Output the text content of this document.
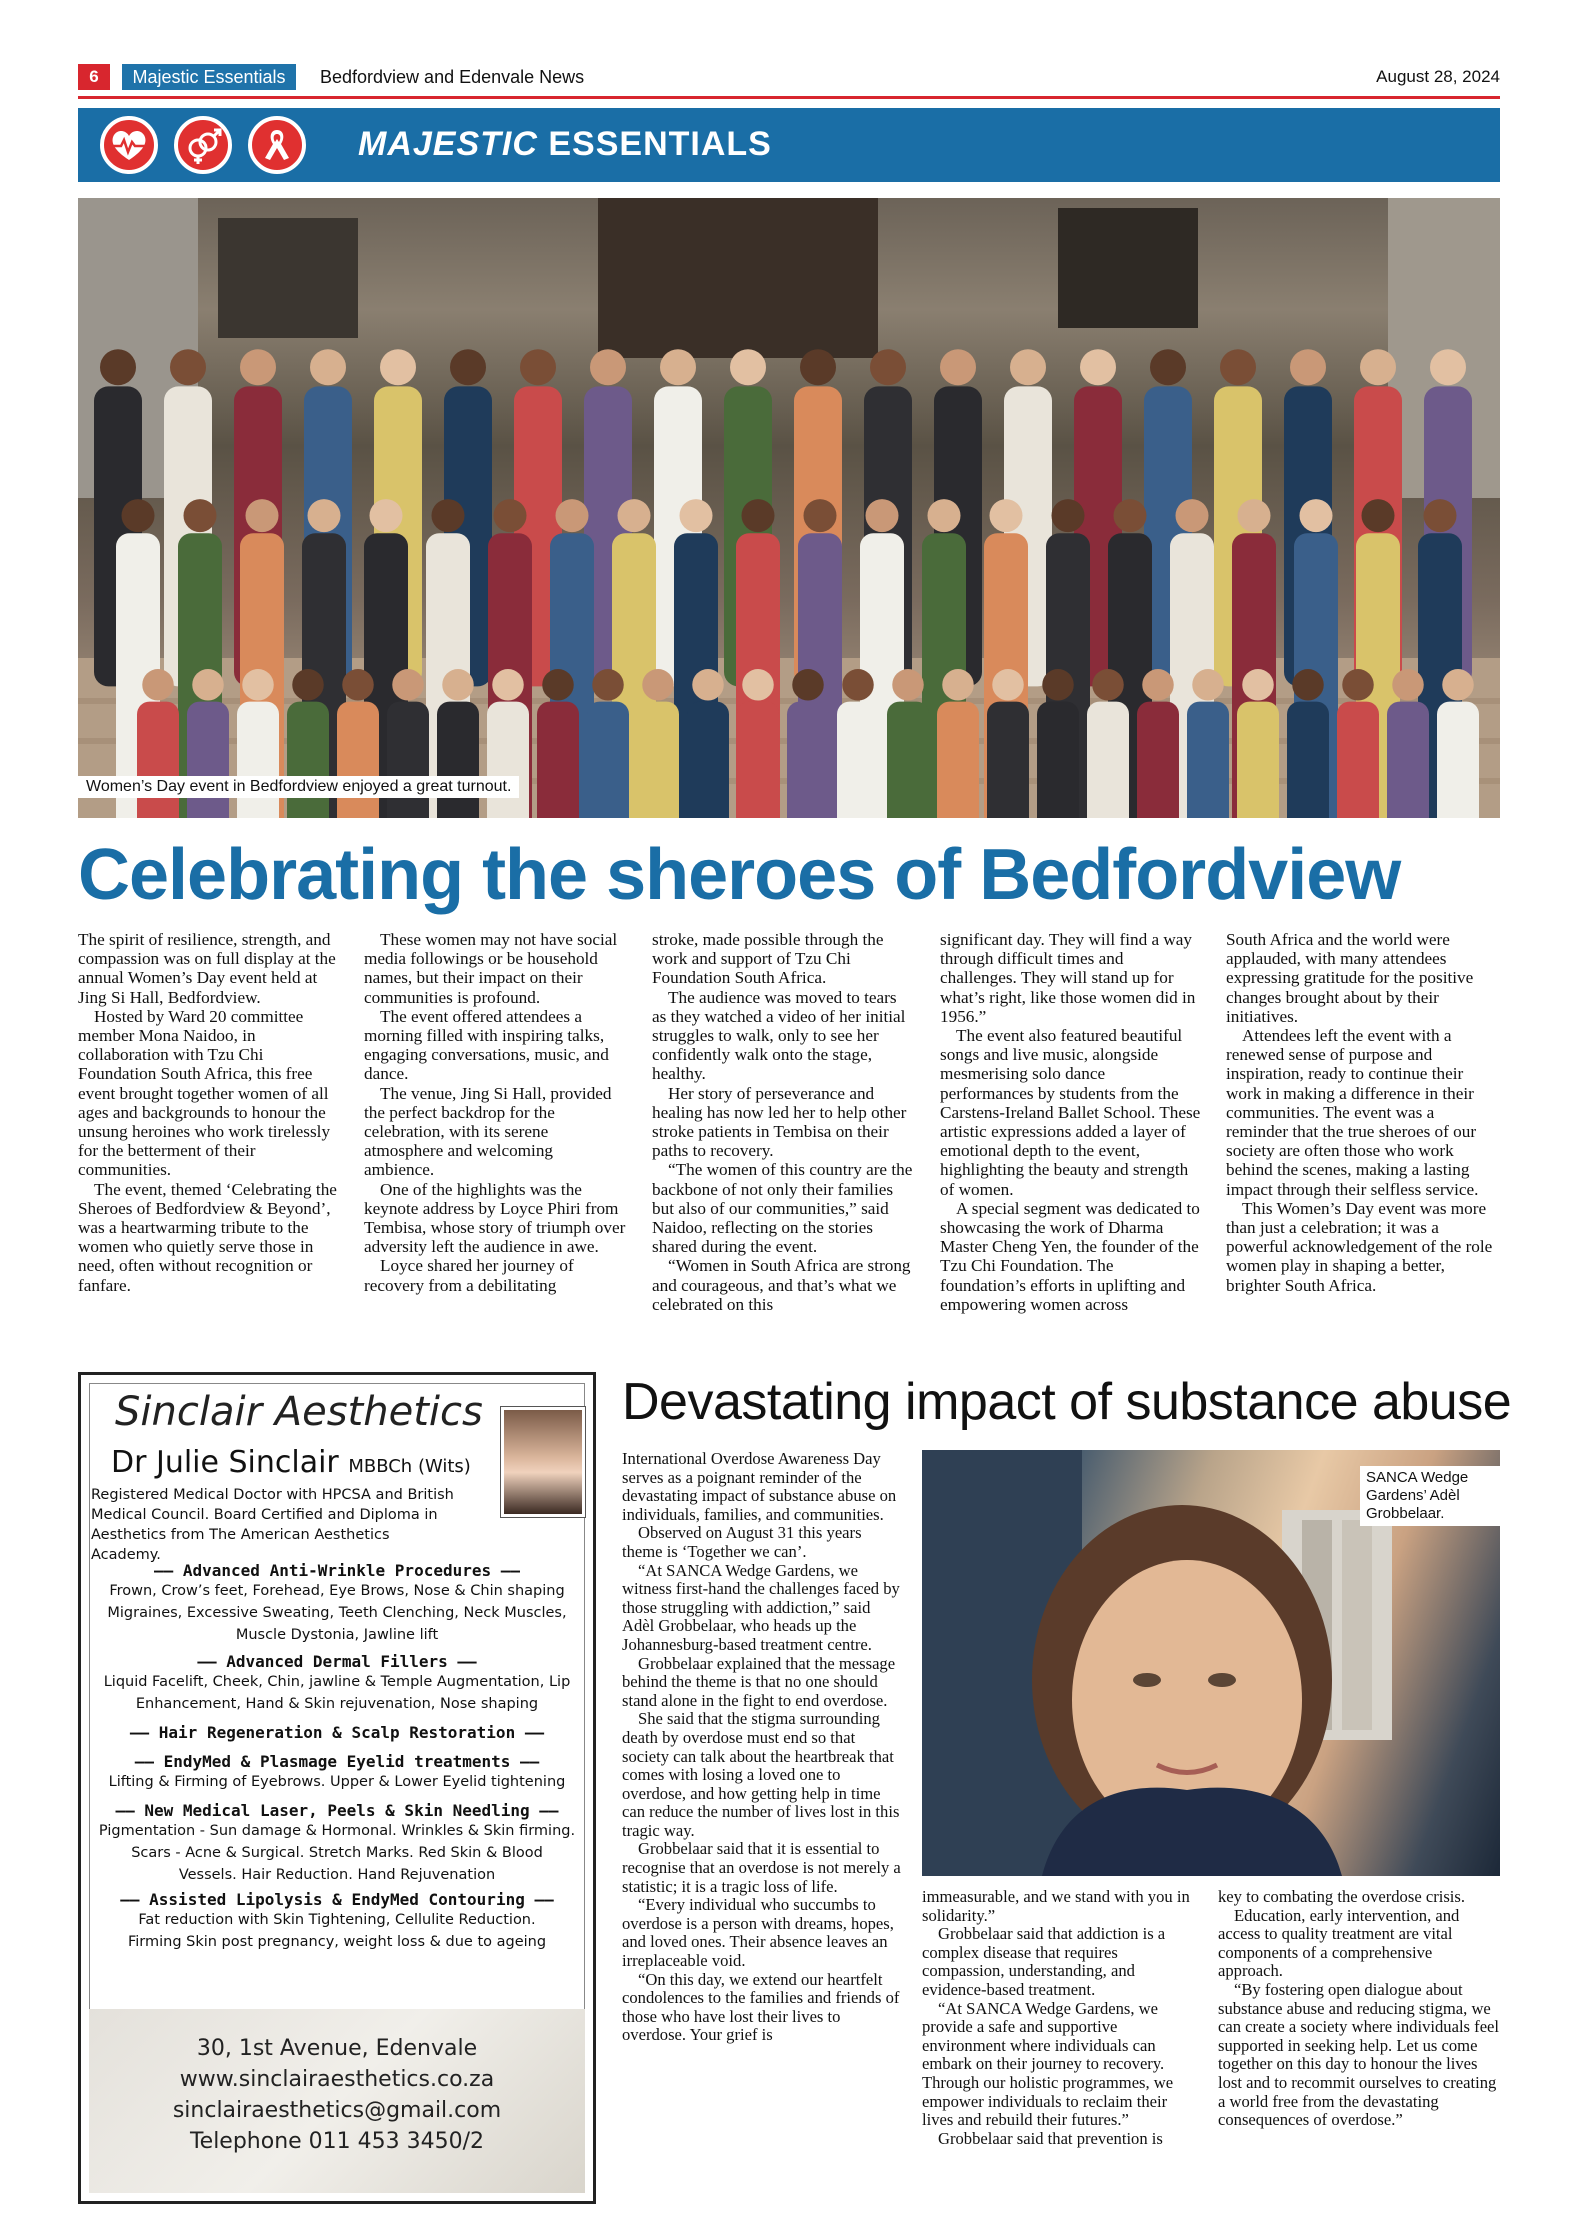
6	Majestic Essentials	Bedfordview and Edenvale News	August 28, 2024
MAJESTIC ESSENTIALS
Women’s Day event in Bedfordview enjoyed a great turnout.
Celebrating the sheroes of Bedfordview

The spirit of resilience, strength, and compassion was on full display at the annual Women’s Day event held at Jing Si Hall, Bedfordview.

Hosted by Ward 20 committee member Mona Naidoo, in collaboration with Tzu Chi Foundation South Africa, this free event brought together women of all ages and backgrounds to honour the unsung heroines who work tirelessly for the betterment of their communities.

The event, themed ‘Celebrating the Sheroes of Bedfordview & Beyond’, was a heartwarming tribute to the women who quietly serve those in need, often without recognition or fanfare.

These women may not have social media followings or be household names, but their impact on their communities is profound.

The event offered attendees a morning filled with inspiring talks, engaging conversations, music, and dance.

The venue, Jing Si Hall, provided the perfect backdrop for the celebration, with its serene atmosphere and welcoming ambience.

One of the highlights was the keynote address by Loyce Phiri from Tembisa, whose story of triumph over adversity left the audience in awe.

Loyce shared her journey of recovery from a debilitating

stroke, made possible through the work and support of Tzu Chi Foundation South Africa.

The audience was moved to tears as they watched a video of her initial struggles to walk, only to see her confidently walk onto the stage, healthy.

Her story of perseverance and healing has now led her to help other stroke patients in Tembisa on their paths to recovery.

“The women of this country are the backbone of not only their families but also of our communities,” said Naidoo, reflecting on the stories shared during the event.

“Women in South Africa are strong and courageous, and that’s what we celebrated on this

significant day. They will find a way through difficult times and challenges. They will stand up for what’s right, like those women did in 1956.”

The event also featured beautiful songs and live music, alongside mesmerising solo dance performances by students from the Carstens-Ireland Ballet School. These artistic expressions added a layer of emotional depth to the event, highlighting the beauty and strength of women.

A special segment was dedicated to showcasing the work of Dharma Master Cheng Yen, the founder of the Tzu Chi Foundation. The foundation’s efforts in uplifting and empowering women across

South Africa and the world were applauded, with many attendees expressing gratitude for the positive changes brought about by their initiatives.

Attendees left the event with a renewed sense of purpose and inspiration, ready to continue their work in making a difference in their communities. The event was a reminder that the true sheroes of our society are often those who work behind the scenes, making a lasting impact through their selfless service.

This Women’s Day event was more than just a celebration; it was a powerful acknowledgement of the role women play in shaping a better, brighter South Africa.

Sinclair Aesthetics
Dr Julie Sinclair MBBCh (Wits)
Registered Medical Doctor with HPCSA and British Medical Council. Board Certified and Diploma in Aesthetics from The American Aesthetics Academy.

—— Advanced Anti-Wrinkle Procedures ——

Frown, Crow’s feet, Forehead, Eye Brows, Nose & Chin shaping

Migraines, Excessive Sweating, Teeth Clenching, Neck Muscles,

Muscle Dystonia, Jawline lift

—— Advanced Dermal Fillers ——

Liquid Facelift, Cheek, Chin, jawline & Temple Augmentation, Lip

Enhancement, Hand & Skin rejuvenation, Nose shaping

—— Hair Regeneration & Scalp Restoration ——

—— EndyMed & Plasmage Eyelid treatments ——

Lifting & Firming of Eyebrows. Upper & Lower Eyelid tightening

—— New Medical Laser, Peels & Skin Needling ——

Pigmentation - Sun damage & Hormonal. Wrinkles & Skin firming.

Scars - Acne & Surgical. Stretch Marks. Red Skin & Blood

Vessels. Hair Reduction. Hand Rejuvenation

—— Assisted Lipolysis & EndyMed Contouring ——

Fat reduction with Skin Tightening, Cellulite Reduction.

Firming Skin post pregnancy, weight loss & due to ageing

30, 1st Avenue, Edenvale

www.sinclairaesthetics.co.za

sinclairaesthetics@gmail.com

Telephone 011 453 3450/2

Devastating impact of substance abuse

International Overdose Awareness Day serves as a poignant reminder of the devastating impact of substance abuse on individuals, families, and communities.

Observed on August 31 this years theme is ‘Together we can’.

“At SANCA Wedge Gardens, we witness first-hand the challenges faced by those struggling with addiction,” said Adèl Grobbelaar, who heads up the Johannesburg-based treatment centre.

Grobbelaar explained that the message behind the theme is that no one should stand alone in the fight to end overdose.

She said that the stigma surrounding death by overdose must end so that society can talk about the heartbreak that comes with losing a loved one to overdose, and how getting help in time can reduce the number of lives lost in this tragic way.

Grobbelaar said that it is essential to recognise that an overdose is not merely a statistic; it is a tragic loss of life.

“Every individual who succumbs to overdose is a person with dreams, hopes, and loved ones. Their absence leaves an irreplaceable void.

“On this day, we extend our heartfelt condolences to the families and friends of those who have lost their lives to overdose. Your grief is

SANCA Wedge Gardens’ Adèl Grobbelaar.

immeasurable, and we stand with you in solidarity.”

Grobbelaar said that addiction is a complex disease that requires compassion, understanding, and evidence-based treatment.

“At SANCA Wedge Gardens, we provide a safe and supportive environment where individuals can embark on their journey to recovery. Through our holistic programmes, we empower individuals to reclaim their lives and rebuild their futures.”

Grobbelaar said that prevention is

key to combating the overdose crisis.

Education, early intervention, and access to quality treatment are vital components of a comprehensive approach.

“By fostering open dialogue about substance abuse and reducing stigma, we can create a society where individuals feel supported in seeking help. Let us come together on this day to honour the lives lost and to recommit ourselves to creating a world free from the devastating consequences of overdose.”
